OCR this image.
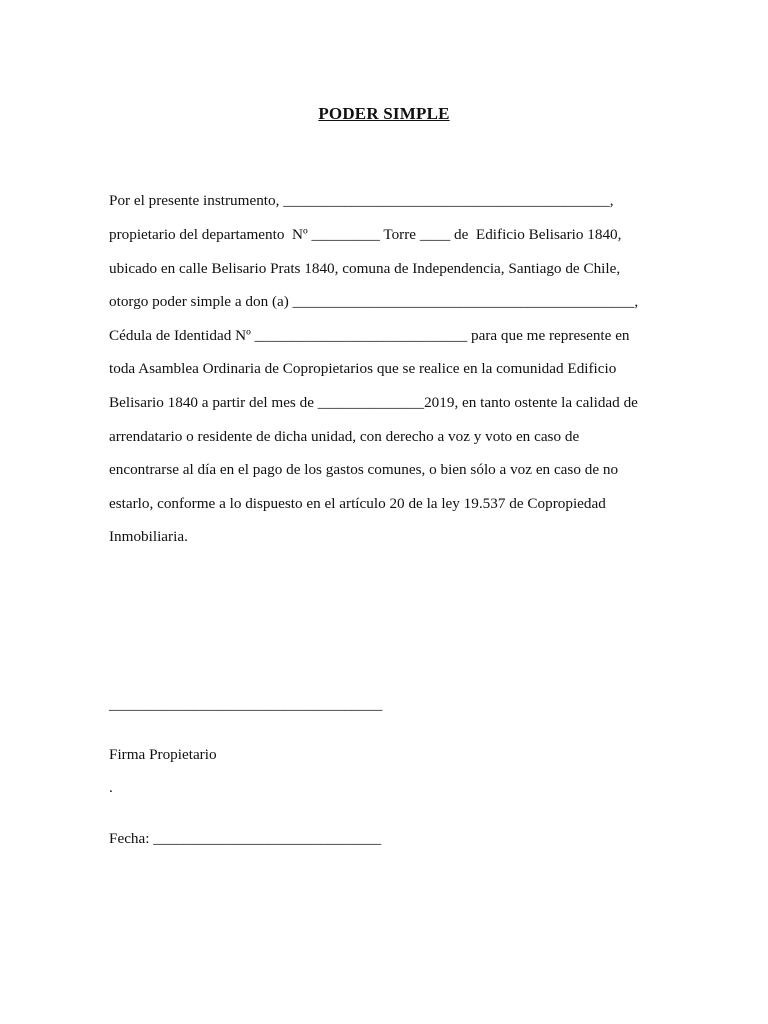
PODER SIMPLE
Por el presente instrumento, ___________________________________________,
propietario del departamento  Nº _________ Torre ____ de  Edificio Belisario 1840,
ubicado en calle Belisario Prats 1840, comuna de Independencia, Santiago de Chile,
otorgo poder simple a don (a) _____________________________________________,
Cédula de Identidad Nº ____________________________ para que me represente en
toda Asamblea Ordinaria de Copropietarios que se realice en la comunidad Edificio
Belisario 1840 a partir del mes de ______________2019, en tanto ostente la calidad de
arrendatario o residente de dicha unidad, con derecho a voz y voto en caso de
encontrarse al día en el pago de los gastos comunes, o bien sólo a voz en caso de no
estarlo, conforme a lo dispuesto en el artículo 20 de la ley 19.537 de Copropiedad
Inmobiliaria.
____________________________________
Firma Propietario
.
Fecha: ______________________________
